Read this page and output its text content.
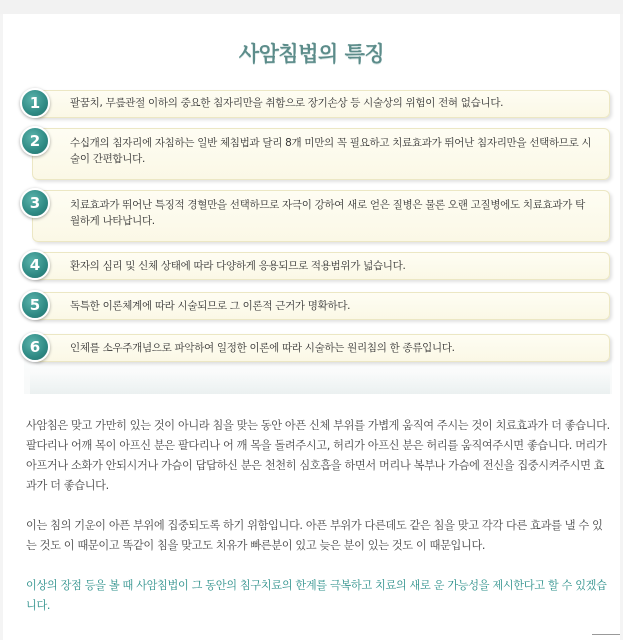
사암침법의 특징
1	팔꿈치, 무릎관절 이하의 중요한 침자리만을 취함으로 장기손상 등 시술상의 위험이 전혀 없습니다.
2	수십개의 침자리에 자침하는 일반 체침법과 달리 8개 미만의 꼭 필요하고 치료효과가 뛰어난 침자리만을 선택하므로 시술이 간편합니다.
3	치료효과가 뛰어난 특징적 경혈만을 선택하므로 자극이 강하여 새로 얻은 질병은 물론 오랜 고질병에도 치료효과가 탁월하게 나타납니다.
4	환자의 심리 및 신체 상태에 따라 다양하게 응용되므로 적용범위가 넓습니다.
5	독특한 이론체계에 따라 시술되므로 그 이론적 근거가 명확하다.
6	인체를 소우주개념으로 파악하여 일정한 이론에 따라 시술하는 원리침의 한 종류입니다.

사암침은 맞고 가만히 있는 것이 아니라 침을 맞는 동안 아픈 신체 부위를 가볍게 움직여 주시는 것이 치료효과가 더 좋습니다. 팔다리나 어깨 목이 아프신 분은 팔다리나 어 깨 목을 돌려주시고, 허리가 아프신 분은 허리를 움직여주시면 좋습니다. 머리가 아프거나 소화가 안되시거나 가슴이 답답하신 분은 천천히 심호흡을 하면서 머리나 복부나 가슴에 전신을 집중시켜주시면 효과가 더 좋습니다.

이는 침의 기운이 아픈 부위에 집중되도록 하기 위함입니다. 아픈 부위가 다른데도 같은 침을 맞고 각각 다른 효과를 낼 수 있는 것도 이 때문이고 똑같이 침을 맞고도 치유가 빠른분이 있고 늦은 분이 있는 것도 이 때문입니다.

이상의 장점 등을 볼 때 사암침법이 그 동안의 침구치료의 한계를 극복하고 치료의 새로 운 가능성을 제시한다고 할 수 있겠습니다.
